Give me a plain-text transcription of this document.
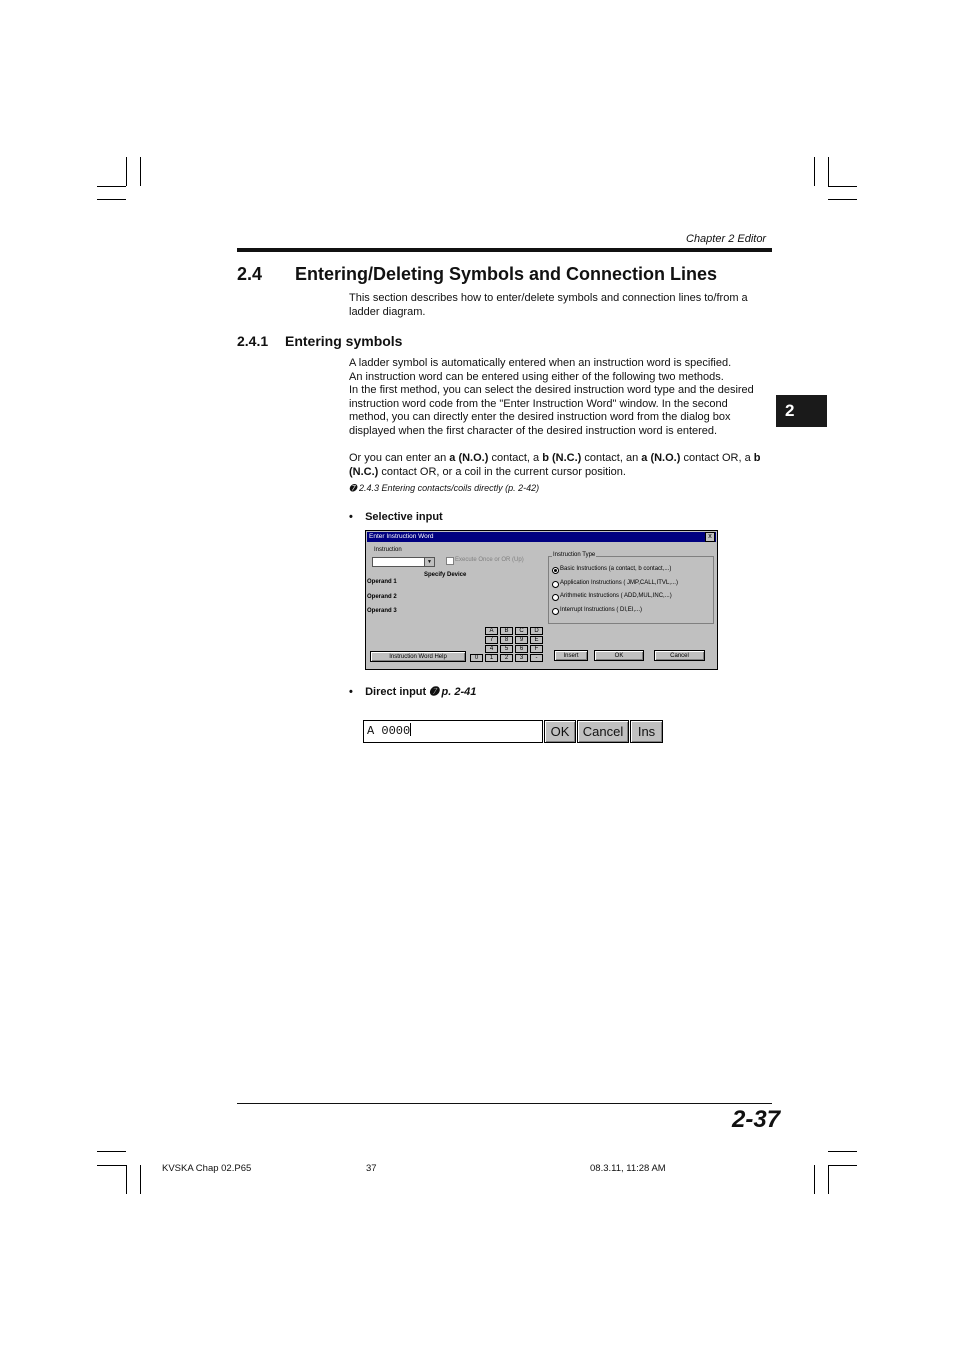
Chapter 2 Editor
2.4 Entering/Deleting Symbols and Connection Lines
This section describes how to enter/delete symbols and connection lines to/from a ladder diagram.
2.4.1 Entering symbols
A ladder symbol is automatically entered when an instruction word is specified.
An instruction word can be entered using either of the following two methods.
In the first method, you can select the desired instruction word type and the desired
instruction word code from the "Enter Instruction Word" window. In the second
method, you can directly enter the desired instruction word from the dialog box
displayed when the first character of the desired instruction word is entered.
Or you can enter an a (N.O.) contact, a b (N.C.) contact, an a (N.O.) contact OR, a b (N.C.) contact OR, or a coil in the current cursor position.
➐ 2.4.3 Entering contacts/coils directly (p. 2-42)
•    Selective input
Enter Instruction Word	x
Instruction
▼	Execute Once or OR (Up)
Specify Device
Operand 1
Operand 2
Operand 3
Instruction Type
Basic Instructions (a contact, b contact,...)
Application Instructions ( JMP,CALL,ITVL,...)
Arithmetic Instructions ( ADD,MUL,INC,...)
Interrupt Instructions ( DI,EI,...)
A	B	C	D
7	8	9	E
4	5	6	F
0	1	2	3	-
Instruction Word Help	Insert	OK	Cancel
•    Direct input ➐ p. 2-41
A 0000	OK	Cancel	Ins
2
2-37
KVSKA Chap 02.P65	37	08.3.11, 11:28 AM
